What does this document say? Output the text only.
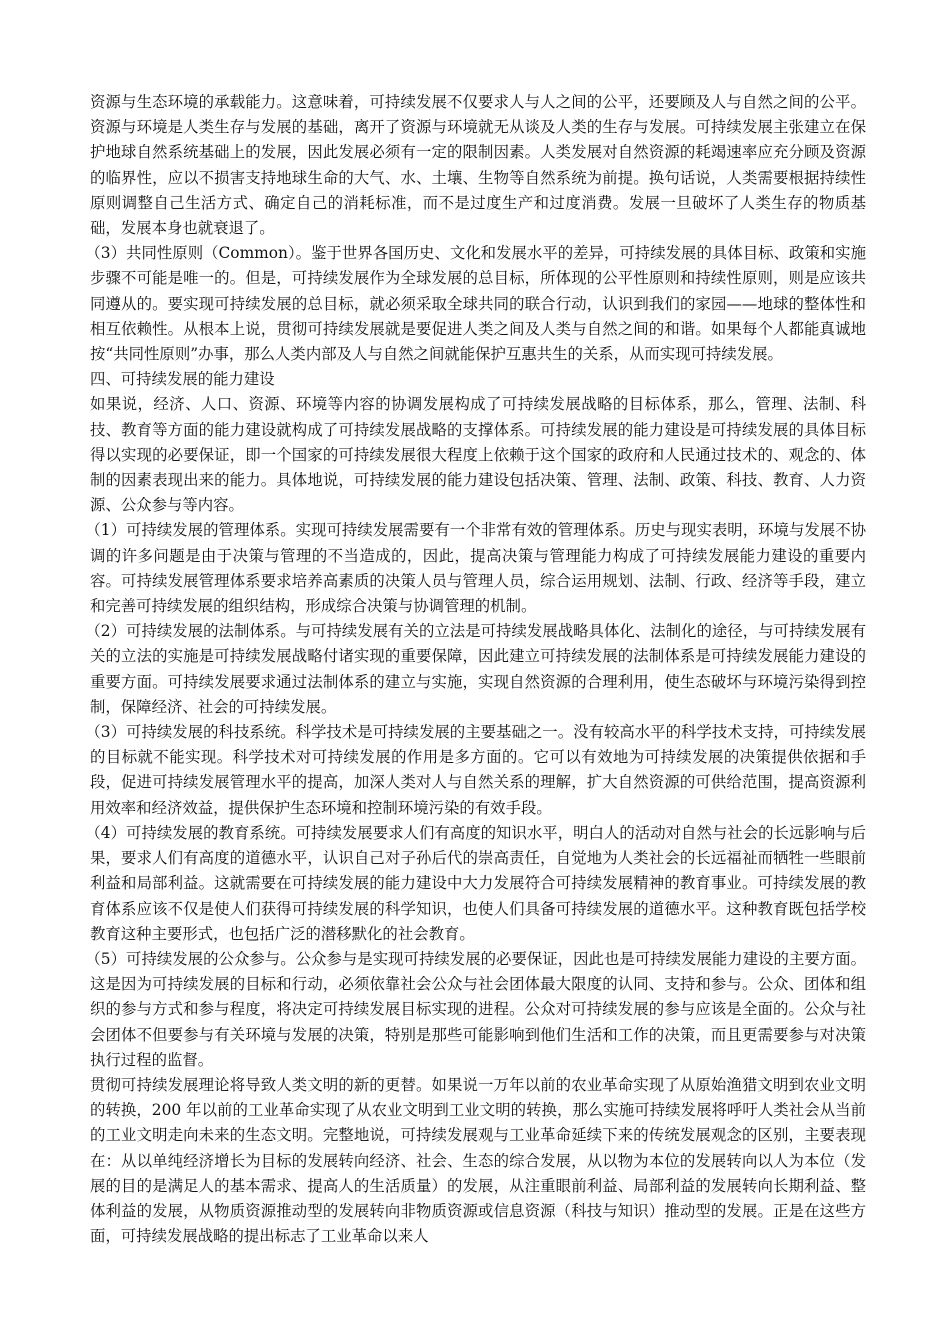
资源与生态环境的承载能力。这意味着，可持续发展不仅要求人与人之间的公平，还要顾及人与自然之间的公平。资源与环境是人类生存与发展的基础，离开了资源与环境就无从谈及人类的生存与发展。可持续发展主张建立在保护地球自然系统基础上的发展，因此发展必须有一定的限制因素。人类发展对自然资源的耗竭速率应充分顾及资源的临界性，应以不损害支持地球生命的大气、水、土壤、生物等自然系统为前提。换句话说，人类需要根据持续性原则调整自己生活方式、确定自己的消耗标准，而不是过度生产和过度消费。发展一旦破坏了人类生存的物质基础，发展本身也就衰退了。

（3）共同性原则（Common）。鉴于世界各国历史、文化和发展水平的差异，可持续发展的具体目标、政策和实施步骤不可能是唯一的。但是，可持续发展作为全球发展的总目标，所体现的公平性原则和持续性原则，则是应该共同遵从的。要实现可持续发展的总目标，就必须采取全球共同的联合行动，认识到我们的家园——地球的整体性和相互依赖性。从根本上说，贯彻可持续发展就是要促进人类之间及人类与自然之间的和谐。如果每个人都能真诚地按“共同性原则”办事，那么人类内部及人与自然之间就能保护互惠共生的关系，从而实现可持续发展。

四、可持续发展的能力建设

如果说，经济、人口、资源、环境等内容的协调发展构成了可持续发展战略的目标体系，那么，管理、法制、科技、教育等方面的能力建设就构成了可持续发展战略的支撑体系。可持续发展的能力建设是可持续发展的具体目标得以实现的必要保证，即一个国家的可持续发展很大程度上依赖于这个国家的政府和人民通过技术的、观念的、体制的因素表现出来的能力。具体地说，可持续发展的能力建设包括决策、管理、法制、政策、科技、教育、人力资源、公众参与等内容。

（1）可持续发展的管理体系。实现可持续发展需要有一个非常有效的管理体系。历史与现实表明，环境与发展不协调的许多问题是由于决策与管理的不当造成的，因此，提高决策与管理能力构成了可持续发展能力建设的重要内容。可持续发展管理体系要求培养高素质的决策人员与管理人员，综合运用规划、法制、行政、经济等手段，建立和完善可持续发展的组织结构，形成综合决策与协调管理的机制。

（2）可持续发展的法制体系。与可持续发展有关的立法是可持续发展战略具体化、法制化的途径，与可持续发展有关的立法的实施是可持续发展战略付诸实现的重要保障，因此建立可持续发展的法制体系是可持续发展能力建设的重要方面。可持续发展要求通过法制体系的建立与实施，实现自然资源的合理利用，使生态破坏与环境污染得到控制，保障经济、社会的可持续发展。

（3）可持续发展的科技系统。科学技术是可持续发展的主要基础之一。没有较高水平的科学技术支持，可持续发展的目标就不能实现。科学技术对可持续发展的作用是多方面的。它可以有效地为可持续发展的决策提供依据和手段，促进可持续发展管理水平的提高，加深人类对人与自然关系的理解，扩大自然资源的可供给范围，提高资源利用效率和经济效益，提供保护生态环境和控制环境污染的有效手段。

（4）可持续发展的教育系统。可持续发展要求人们有高度的知识水平，明白人的活动对自然与社会的长远影响与后果，要求人们有高度的道德水平，认识自己对子孙后代的崇高责任，自觉地为人类社会的长远福祉而牺牲一些眼前利益和局部利益。这就需要在可持续发展的能力建设中大力发展符合可持续发展精神的教育事业。可持续发展的教育体系应该不仅是使人们获得可持续发展的科学知识，也使人们具备可持续发展的道德水平。这种教育既包括学校教育这种主要形式，也包括广泛的潜移默化的社会教育。

（5）可持续发展的公众参与。公众参与是实现可持续发展的必要保证，因此也是可持续发展能力建设的主要方面。这是因为可持续发展的目标和行动，必须依靠社会公众与社会团体最大限度的认同、支持和参与。公众、团体和组织的参与方式和参与程度，将决定可持续发展目标实现的进程。公众对可持续发展的参与应该是全面的。公众与社会团体不但要参与有关环境与发展的决策，特别是那些可能影响到他们生活和工作的决策，而且更需要参与对决策执行过程的监督。

贯彻可持续发展理论将导致人类文明的新的更替。如果说一万年以前的农业革命实现了从原始渔猎文明到农业文明的转换，200 年以前的工业革命实现了从农业文明到工业文明的转换，那么实施可持续发展将呼吁人类社会从当前的工业文明走向未来的生态文明。完整地说，可持续发展观与工业革命延续下来的传统发展观念的区别，主要表现在：从以单纯经济增长为目标的发展转向经济、社会、生态的综合发展，从以物为本位的发展转向以人为本位（发展的目的是满足人的基本需求、提高人的生活质量）的发展，从注重眼前利益、局部利益的发展转向长期利益、整体利益的发展，从物质资源推动型的发展转向非物质资源或信息资源（科技与知识）推动型的发展。正是在这些方面，可持续发展战略的提出标志了工业革命以来人
